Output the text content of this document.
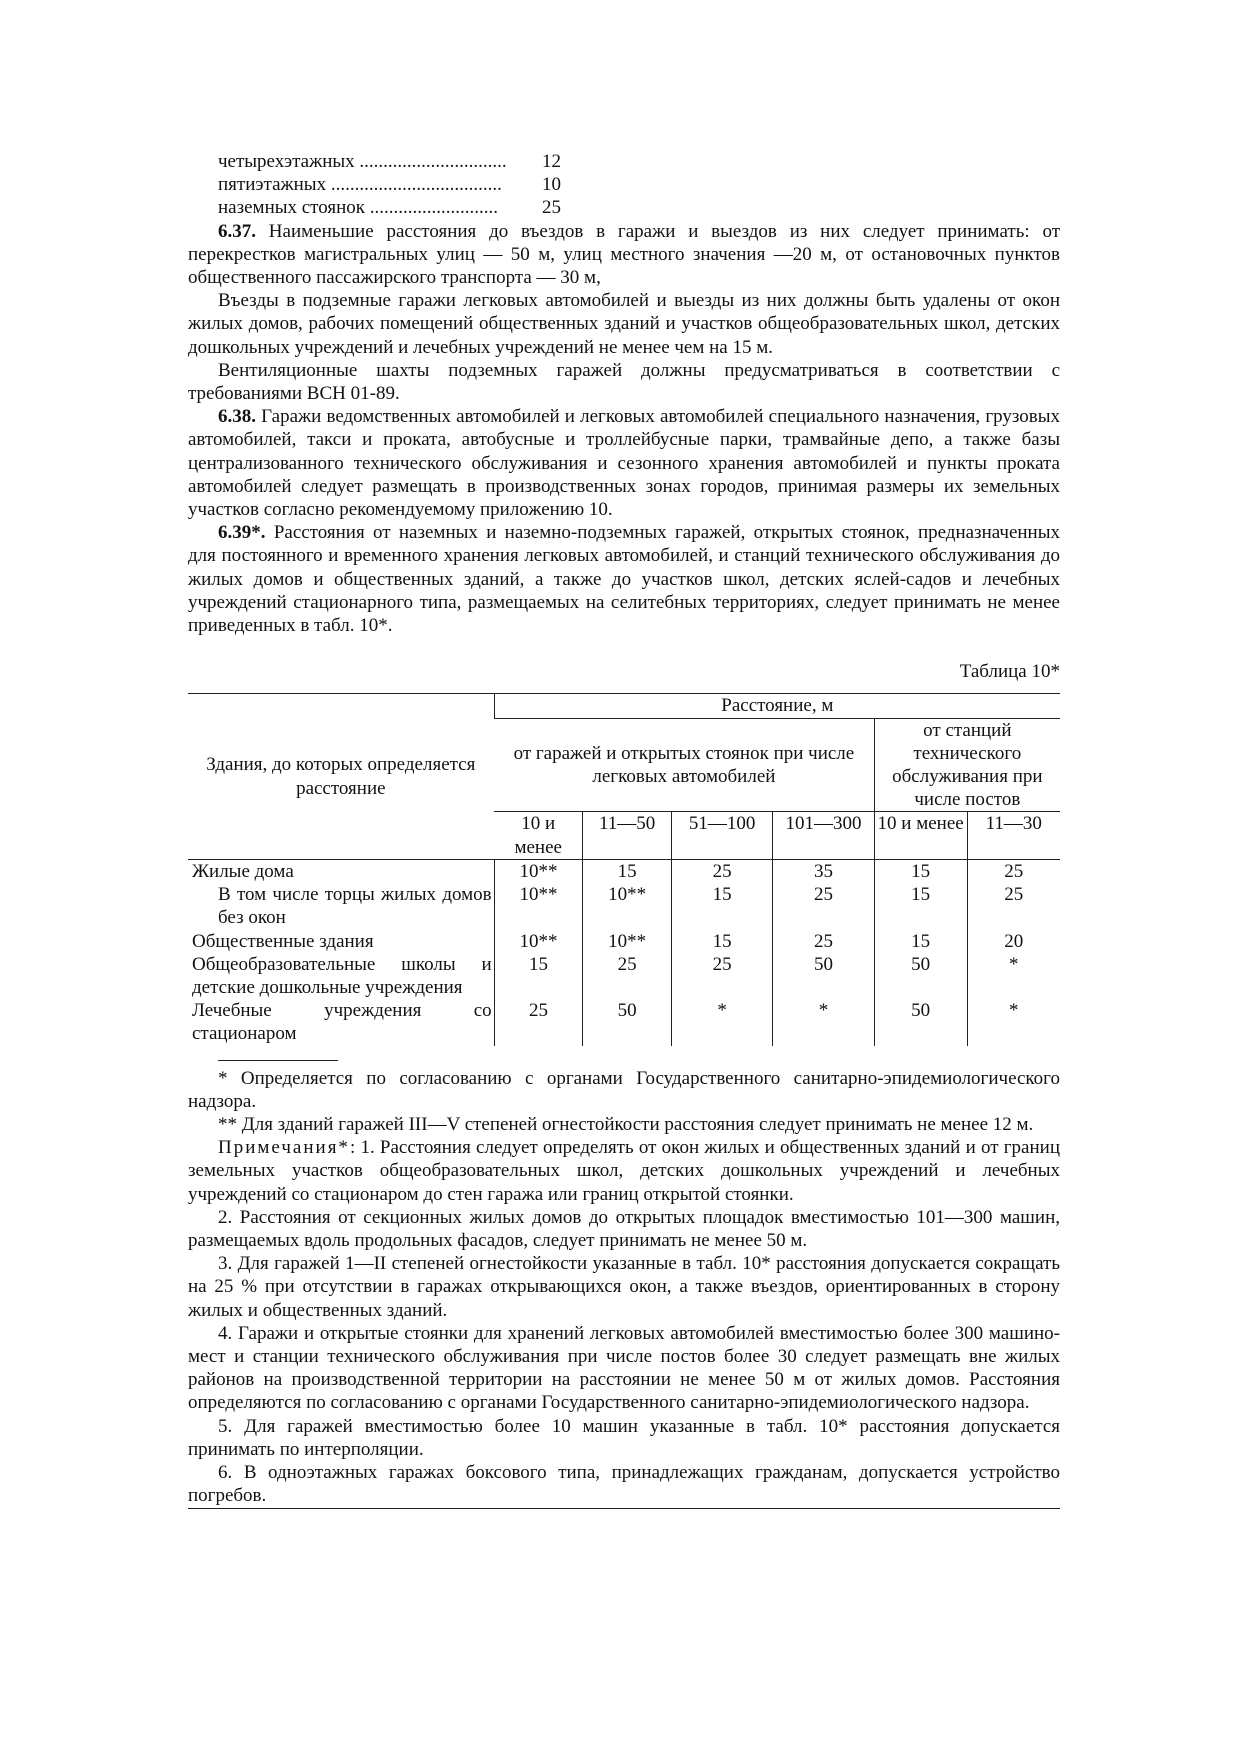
четырехэтажных ...............................	12
пятиэтажных ....................................	10
наземных стоянок ...........................	25

6.37. Наименьшие расстояния до въездов в гаражи и выездов из них следует принимать: от перекрестков магистральных улиц — 50 м, улиц местного значения —20 м, от остановочных пунктов общественного пассажирского транспорта — 30 м,

Въезды в подземные гаражи легковых автомобилей и выезды из них должны быть удалены от окон жилых домов, рабочих помещений общественных зданий и участков общеобразовательных школ, детских дошкольных учреждений и лечебных учреждений не менее чем на 15 м.

Вентиляционные шахты подземных гаражей должны предусматриваться в соответствии с требованиями ВСН 01-89.

6.38. Гаражи ведомственных автомобилей и легковых автомобилей специального назначения, грузовых автомобилей, такси и проката, автобусные и троллейбусные парки, трамвайные депо, а также базы централизованного технического обслуживания и сезонного хранения автомобилей и пункты проката автомобилей следует размещать в производственных зонах городов, принимая размеры их земельных участков согласно рекомендуемому приложению 10.

6.39*. Расстояния от наземных и наземно-подземных гаражей, открытых стоянок, предназначенных для постоянного и временного хранения легковых автомобилей, и станций технического обслуживания до жилых домов и общественных зданий, а также до участков школ, детских яслей-садов и лечебных учреждений стационарного типа, размещаемых на селитебных территориях, следует принимать не менее приведенных в табл. 10*.

Таблица 10*
Здания, до которых определяется расстояние	Расстояние, м					
	от гаражей и открытых стоянок при числе легковых автомобилей				от станций технического обслуживания при числе постов	
	10 и менее	11—50	51—100	101—300	10 и менее	11—30
Жилые дома	10**	15	25	35	15	25
В том числе торцы жилых домов без окон	10**	10**	15	25	15	25
Общественные здания	10**	10**	15	25	15	20
Общеобразовательные школы и детские дошкольные учреждения	15	25	25	50	50	*
Лечебные учреждения со стационаром	25	50	*	*	50	*

* Определяется по согласованию с органами Государственного санитарно-эпидемиологического надзора.

** Для зданий гаражей III—V степеней огнестойкости расстояния следует принимать не менее 12 м.

Примечания*: 1. Расстояния следует определять от окон жилых и общественных зданий и от границ земельных участков общеобразовательных школ, детских дошкольных учреждений и лечебных учреждений со стационаром до стен гаража или границ открытой стоянки.

2. Расстояния от секционных жилых домов до открытых площадок вместимостью 101—300 машин, размещаемых вдоль продольных фасадов, следует принимать не менее 50 м.

3. Для гаражей 1—II степеней огнестойкости указанные в табл. 10* расстояния допускается сокращать на 25 % при отсутствии в гаражах открывающихся окон, а также въездов, ориентированных в сторону жилых и общественных зданий.

4. Гаражи и открытые стоянки для хранений легковых автомобилей вместимостью более 300 машино-мест и станции технического обслуживания при числе постов более 30 следует размещать вне жилых районов на производственной территории на расстоянии не менее 50 м от жилых домов. Расстояния определяются по согласованию с органами Государственного санитарно-эпидемиологического надзора.

5. Для гаражей вместимостью более 10 машин указанные в табл. 10* расстояния допускается принимать по интерполяции.

6. В одноэтажных гаражах боксового типа, принадлежащих гражданам, допускается устройство погребов.
